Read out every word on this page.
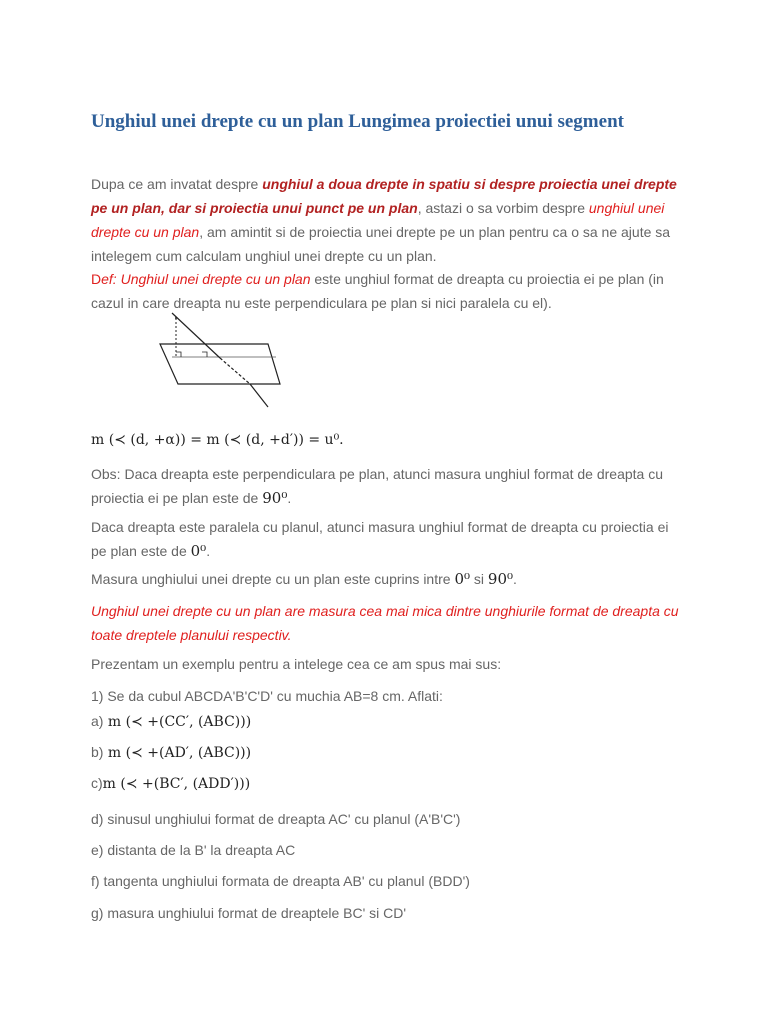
Unghiul unei drepte cu un plan Lungimea proiectiei unui segment

Dupa ce am invatat despre unghiul a doua drepte in spatiu si despre proiectia unei drepte pe un plan, dar si proiectia unui punct pe un plan, astazi o sa vorbim despre unghiul unei drepte cu un plan, am amintit si de proiectia unei drepte pe un plan pentru ca o sa ne ajute sa intelegem cum calculam unghiul unei drepte cu un plan.

Def: Unghiul unei drepte cu un plan este unghiul format de dreapta cu proiectia ei pe plan (in cazul in care dreapta nu este perpendiculara pe plan si nici paralela cu el).

m (≺ (d, +α)) = m (≺ (d, +d′)) = u⁰.

Obs: Daca dreapta este perpendiculara pe plan, atunci masura unghiul format de dreapta cu proiectia ei pe plan este de 90⁰.

Daca dreapta este paralela cu planul, atunci masura unghiul format de dreapta cu proiectia ei pe plan este de 0⁰.

Masura unghiului unei drepte cu un plan este cuprins intre 0⁰ si 90⁰.

Unghiul unei drepte cu un plan are masura cea mai mica dintre unghiurile format de dreapta cu toate dreptele planului respectiv.

Prezentam un exemplu pentru a intelege cea ce am spus mai sus:

1) Se da cubul ABCDA'B'C'D' cu muchia AB=8 cm. Aflati:

a) m (≺ +(CC′, (ABC)))
b) m (≺ +(AD′, (ABC)))
c)m (≺ +(BC′, (ADD′)))

d) sinusul unghiului format de dreapta AC' cu planul (A'B'C')

e) distanta de la B' la dreapta AC

f) tangenta unghiului formata de dreapta AB' cu planul (BDD')

g) masura unghiului format de dreaptele BC' si CD'
